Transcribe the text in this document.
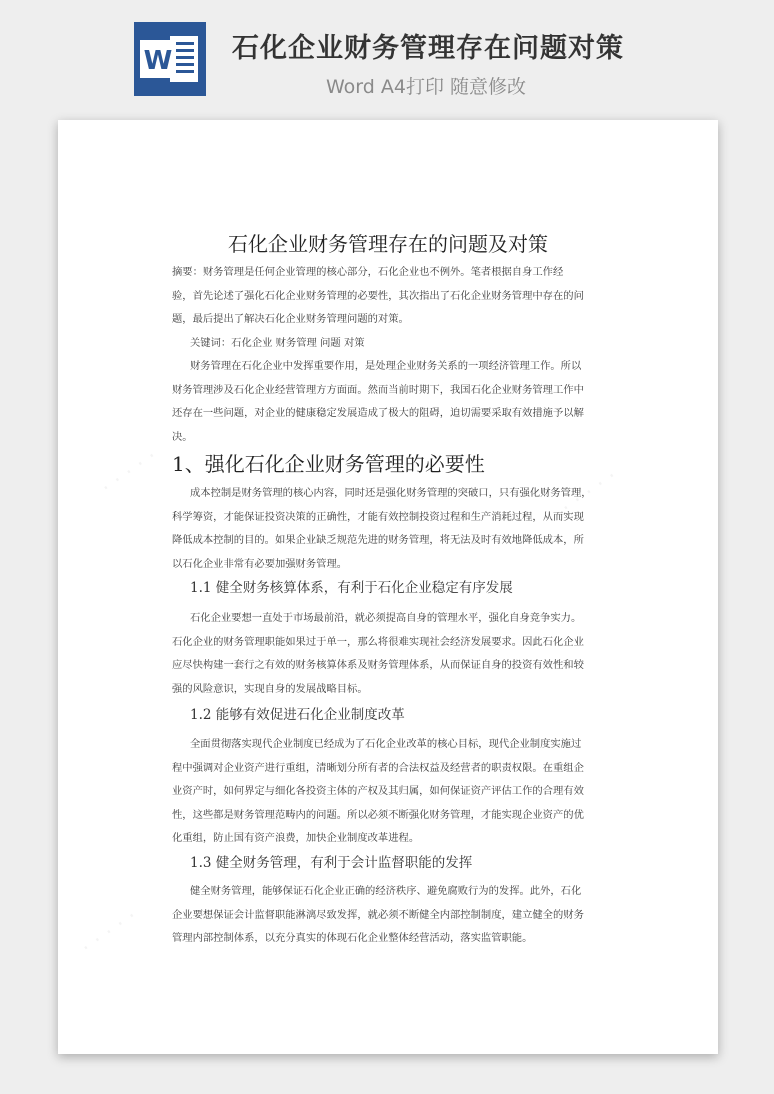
W 石化企业财务管理存在问题对策
Word A4打印 随意修改
石化企业财务管理存在的问题及对策
摘要：财务管理是任何企业管理的核心部分，石化企业也不例外。笔者根据自身工作经
验，首先论述了强化石化企业财务管理的必要性，其次指出了石化企业财务管理中存在的问
题，最后提出了解决石化企业财务管理问题的对策。
关键词：石化企业 财务管理 问题 对策
财务管理在石化企业中发挥重要作用，是处理企业财务关系的一项经济管理工作。所以
财务管理涉及石化企业经营管理方方面面。然而当前时期下，我国石化企业财务管理工作中
还存在一些问题，对企业的健康稳定发展造成了极大的阻碍，迫切需要采取有效措施予以解
决。
1、强化石化企业财务管理的必要性
成本控制是财务管理的核心内容，同时还是强化财务管理的突破口，只有强化财务管理，
科学筹资，才能保证投资决策的正确性，才能有效控制投资过程和生产消耗过程，从而实现
降低成本控制的目的。如果企业缺乏规范先进的财务管理，将无法及时有效地降低成本，所
以石化企业非常有必要加强财务管理。
1.1 健全财务核算体系，有利于石化企业稳定有序发展
石化企业要想一直处于市场最前沿，就必须提高自身的管理水平，强化自身竞争实力。
石化企业的财务管理职能如果过于单一，那么将很难实现社会经济发展要求。因此石化企业
应尽快构建一套行之有效的财务核算体系及财务管理体系，从而保证自身的投资有效性和较
强的风险意识，实现自身的发展战略目标。
1.2 能够有效促进石化企业制度改革
全面贯彻落实现代企业制度已经成为了石化企业改革的核心目标，现代企业制度实施过
程中强调对企业资产进行重组，清晰划分所有者的合法权益及经营者的职责权限。在重组企
业资产时，如何界定与细化各投资主体的产权及其归属，如何保证资产评估工作的合理有效
性，这些都是财务管理范畴内的问题。所以必须不断强化财务管理，才能实现企业资产的优
化重组，防止国有资产浪费，加快企业制度改革进程。
1.3 健全财务管理，有利于会计监督职能的发挥
健全财务管理，能够保证石化企业正确的经济秩序、避免腐败行为的发挥。此外，石化
企业要想保证会计监督职能淋漓尽致发挥，就必须不断健全内部控制制度，建立健全的财务
管理内部控制体系，以充分真实的体现石化企业整体经营活动，落实监管职能。
